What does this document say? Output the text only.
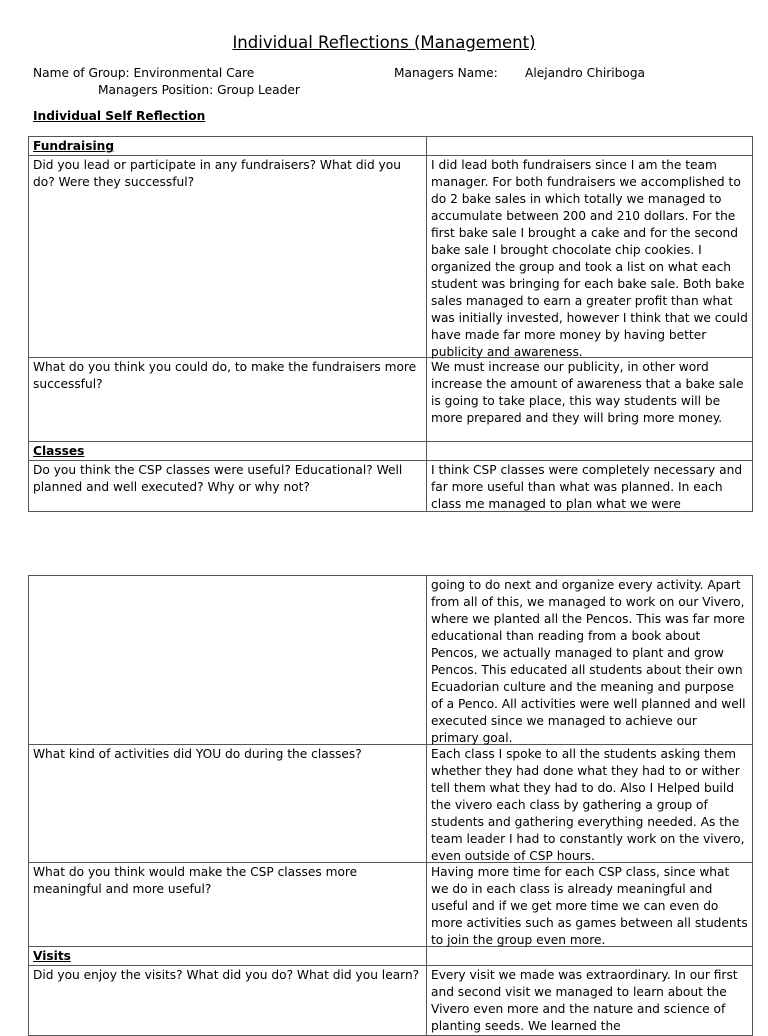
Individual Reflections (Management)
Name of Group: Environmental Care	Managers Name: Alejandro Chiriboga
Managers Position: Group Leader
Individual Self Reflection
Fundraising	
Did you lead or participate in any fundraisers? What did you do? Were they successful?	I did lead both fundraisers since I am the team manager. For both fundraisers we accomplished to do 2 bake sales in which totally we managed to accumulate between 200 and 210 dollars. For the first bake sale I brought a cake and for the second bake sale I brought chocolate chip cookies. I organized the group and took a list on what each student was bringing for each bake sale. Both bake sales managed to earn a greater profit than what was initially invested, however I think that we could have made far more money by having better publicity and awareness.

What do you think you could do, to make the fundraisers more successful?	We must increase our publicity, in other word increase the amount of awareness that a bake sale is going to take place, this way students will be more prepared and they will bring more money.

Classes	
Do you think the CSP classes were useful? Educational? Well planned and well executed? Why or why not?	I think CSP classes were completely necessary and far more useful than what was planned. In each class me managed to plan what we were

	going to do next and organize every activity. Apart from all of this, we managed to work on our Vivero, where we planted all the Pencos. This was far more educational than reading from a book about Pencos, we actually managed to plant and grow Pencos. This educated all students about their own Ecuadorian culture and the meaning and purpose of a Penco. All activities were well planned and well executed since we managed to achieve our primary goal.

What kind of activities did YOU do during the classes?	Each class I spoke to all the students asking them whether they had done what they had to or wither tell them what they had to do. Also I Helped build the vivero each class by gathering a group of students and gathering everything needed. As the team leader I had to constantly work on the vivero, even outside of CSP hours.

What do you think would make the CSP classes more meaningful and more useful?	Having more time for each CSP class, since what we do in each class is already meaningful and useful and if we get more time we can even do more activities such as games between all students to join the group even more.

Visits	
Did you enjoy the visits? What did you do? What did you learn?	Every visit we made was extraordinary. In our first and second visit we managed to learn about the Vivero even more and the nature and science of planting seeds. We learned the
